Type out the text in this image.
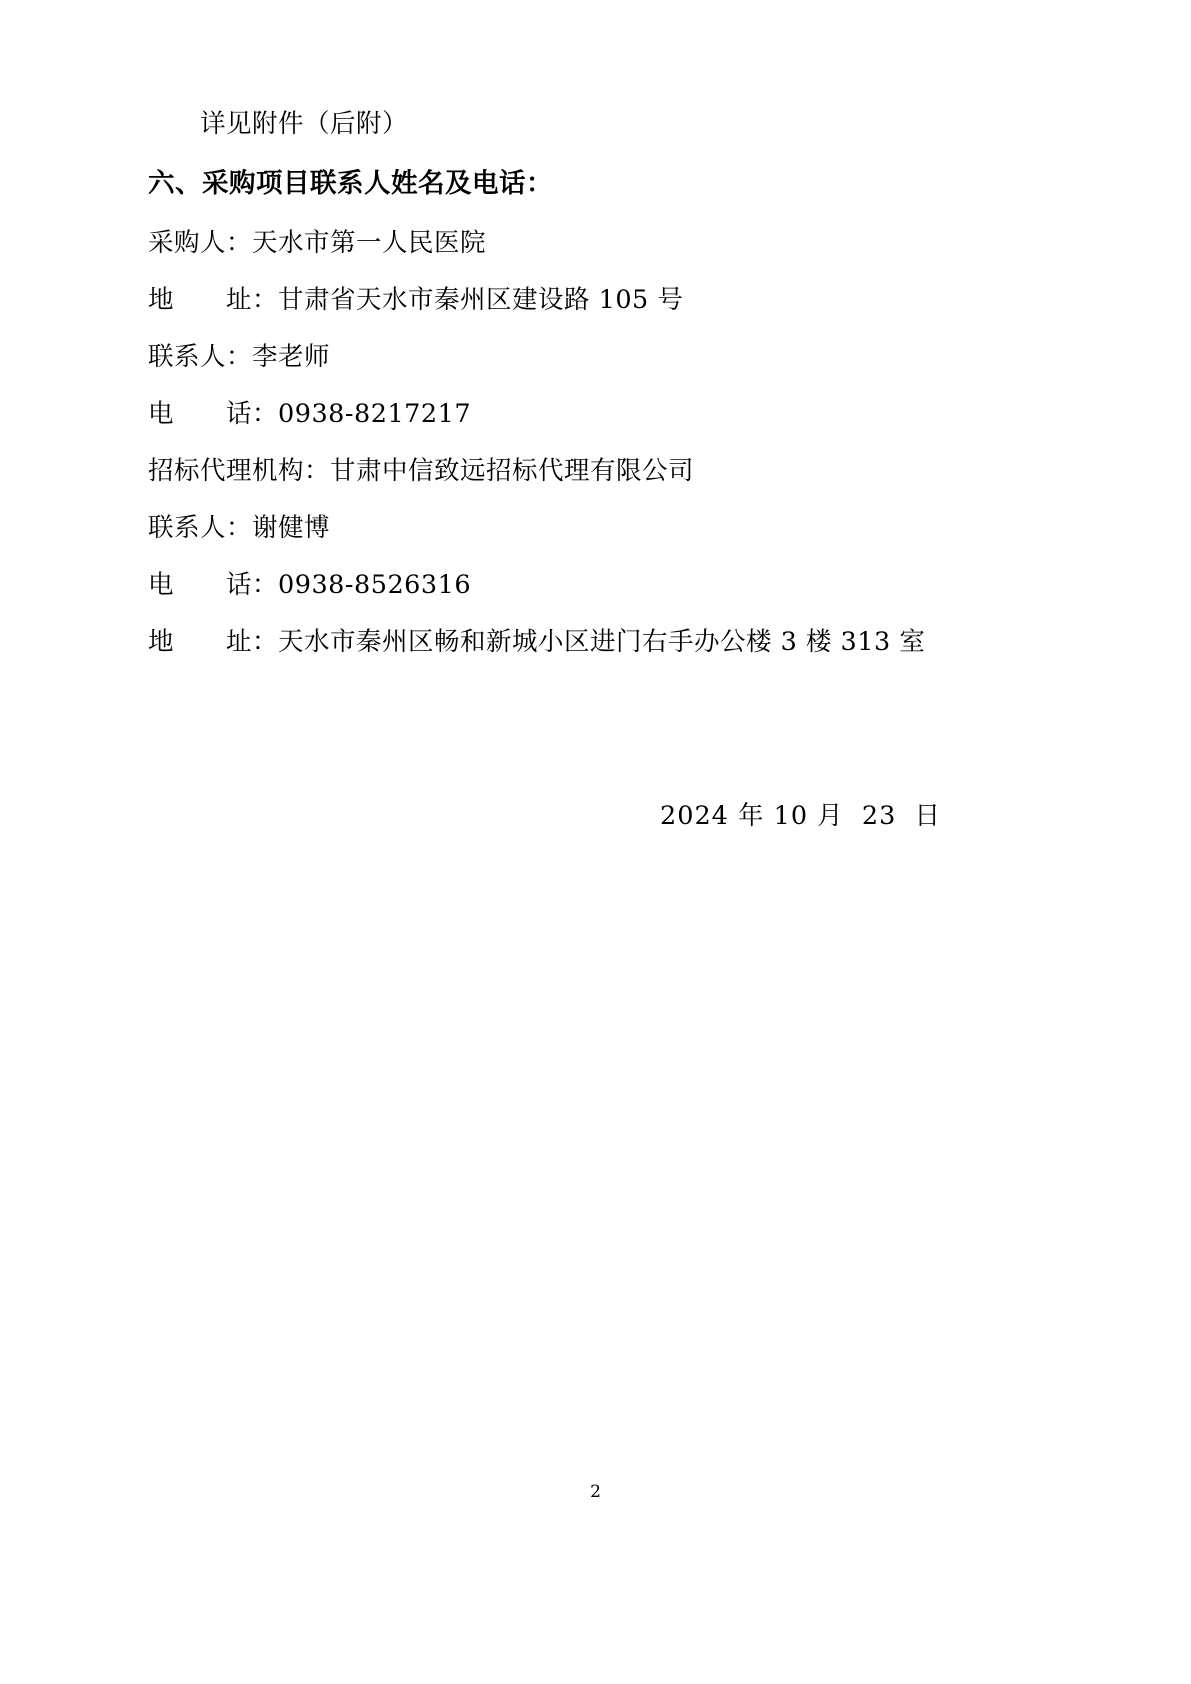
详见附件（后附）
六、采购项目联系人姓名及电话：
采购人：天水市第一人民医院
地　　址：甘肃省天水市秦州区建设路 105 号
联系人：李老师
电　　话：0938-8217217
招标代理机构：甘肃中信致远招标代理有限公司
联系人：谢健博
电　　话：0938-8526316
地　　址：天水市秦州区畅和新城小区进门右手办公楼 3 楼 313 室
2024 年 10 月  23  日
2
